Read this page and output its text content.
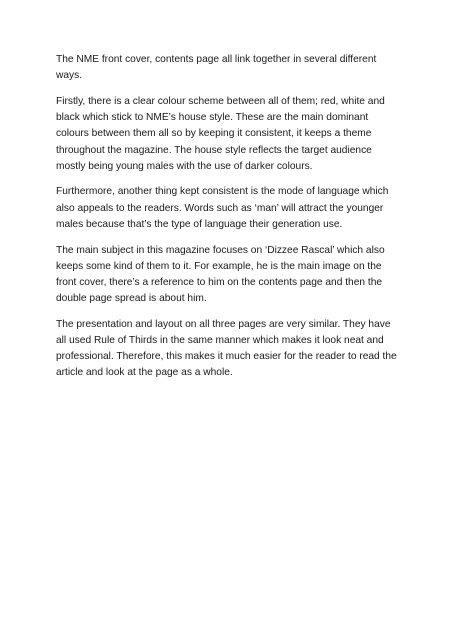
The NME front cover, contents page all link together in several different ways.

Firstly, there is a clear colour scheme between all of them; red, white and black which stick to NME’s house style. These are the main dominant colours between them all so by keeping it consistent, it keeps a theme throughout the magazine. The house style reflects the target audience mostly being young males with the use of darker colours.

Furthermore, another thing kept consistent is the mode of language which also appeals to the readers. Words such as ‘man’ will attract the younger males because that’s the type of language their generation use.

The main subject in this magazine focuses on ‘Dizzee Rascal’ which also keeps some kind of them to it. For example, he is the main image on the front cover, there’s a reference to him on the contents page and then the double page spread is about him.

The presentation and layout on all three pages are very similar. They have all used Rule of Thirds in the same manner which makes it look neat and professional. Therefore, this makes it much easier for the reader to read the article and look at the page as a whole.
